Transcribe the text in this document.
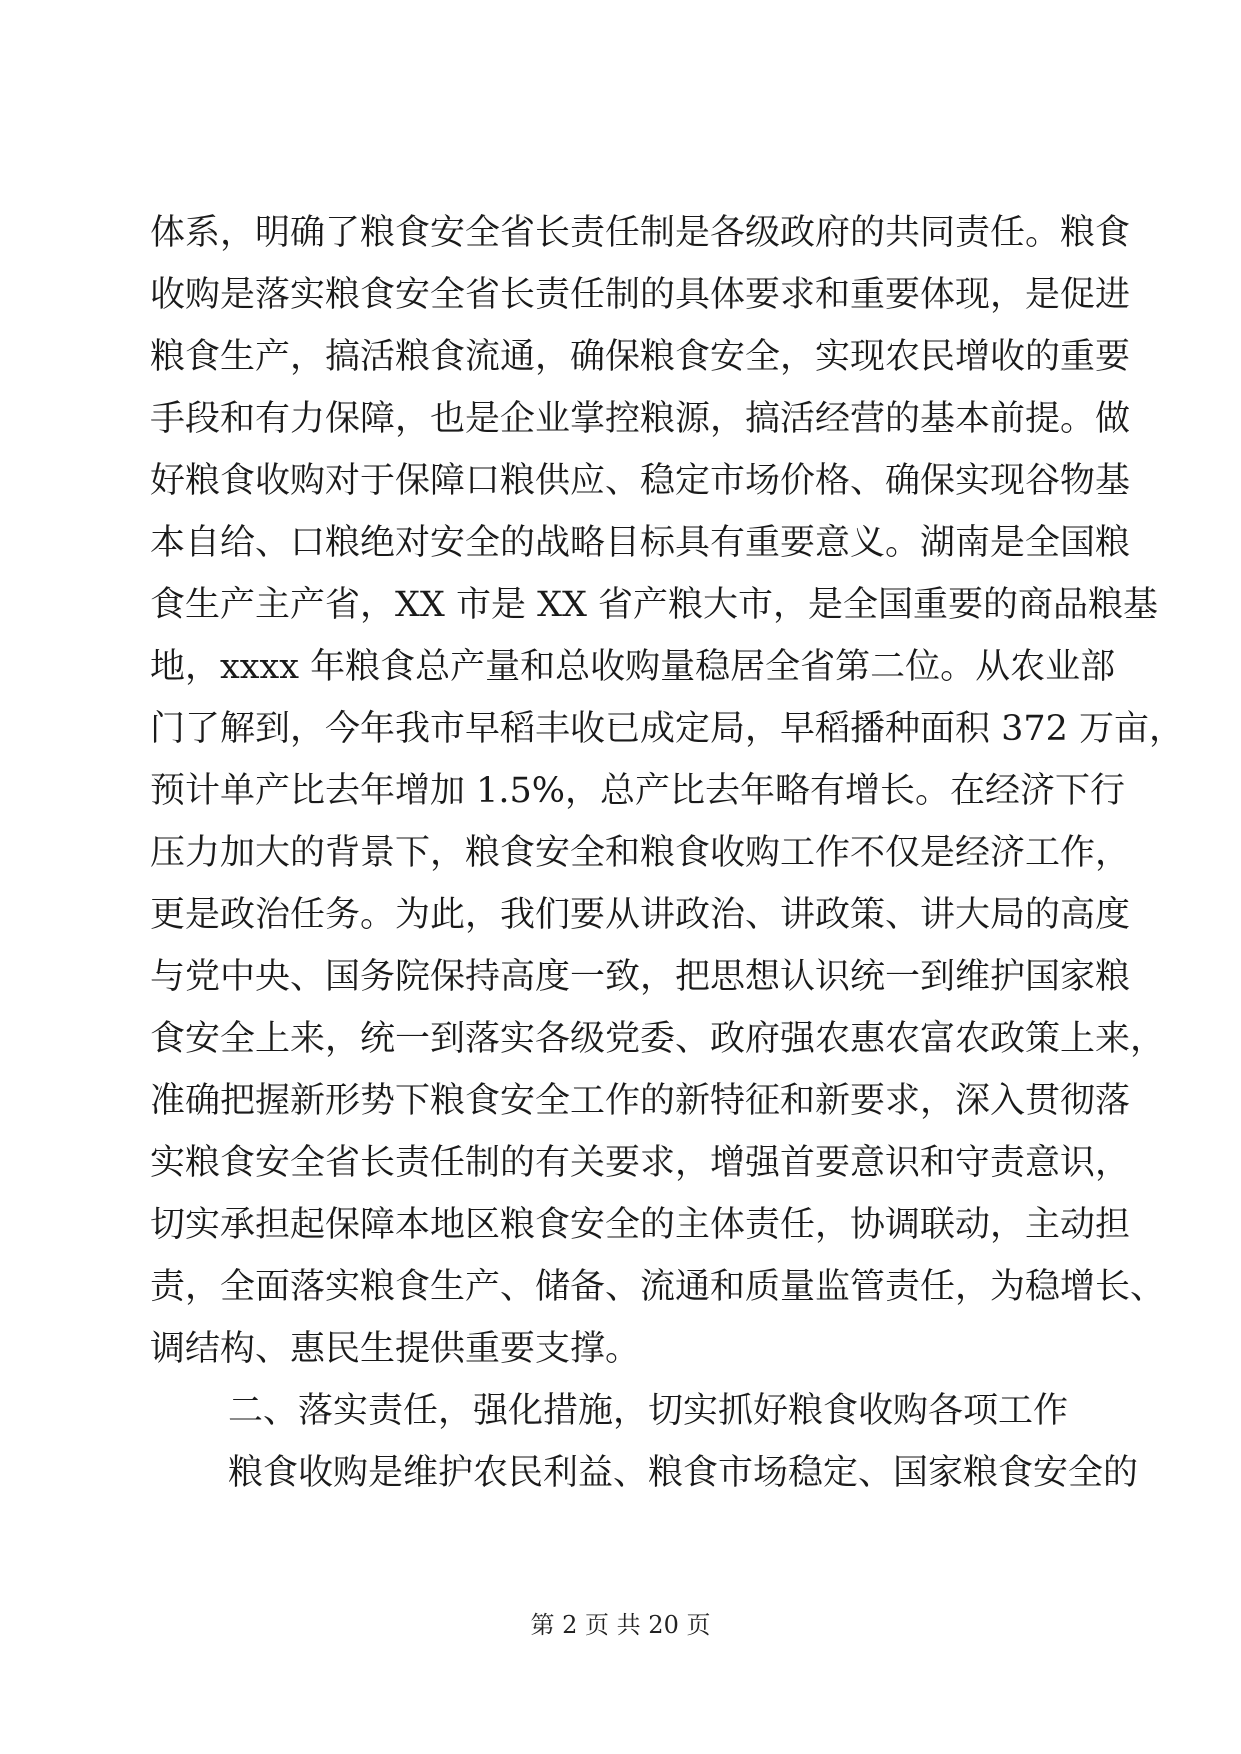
体系，明确了粮食安全省长责任制是各级政府的共同责任。粮食
收购是落实粮食安全省长责任制的具体要求和重要体现，是促进
粮食生产，搞活粮食流通，确保粮食安全，实现农民增收的重要
手段和有力保障，也是企业掌控粮源，搞活经营的基本前提。做
好粮食收购对于保障口粮供应、稳定市场价格、确保实现谷物基
本自给、口粮绝对安全的战略目标具有重要意义。湖南是全国粮
食生产主产省，XX 市是 XX 省产粮大市，是全国重要的商品粮基
地，xxxx 年粮食总产量和总收购量稳居全省第二位。从农业部
门了解到，今年我市早稻丰收已成定局，早稻播种面积 372 万亩，
预计单产比去年增加 1.5%，总产比去年略有增长。在经济下行
压力加大的背景下，粮食安全和粮食收购工作不仅是经济工作，
更是政治任务。为此，我们要从讲政治、讲政策、讲大局的高度
与党中央、国务院保持高度一致，把思想认识统一到维护国家粮
食安全上来，统一到落实各级党委、政府强农惠农富农政策上来，
准确把握新形势下粮食安全工作的新特征和新要求，深入贯彻落
实粮食安全省长责任制的有关要求，增强首要意识和守责意识，
切实承担起保障本地区粮食安全的主体责任，协调联动，主动担
责，全面落实粮食生产、储备、流通和质量监管责任，为稳增长、
调结构、惠民生提供重要支撑。
二、落实责任，强化措施，切实抓好粮食收购各项工作
粮食收购是维护农民利益、粮食市场稳定、国家粮食安全的
第 2 页 共 20 页
